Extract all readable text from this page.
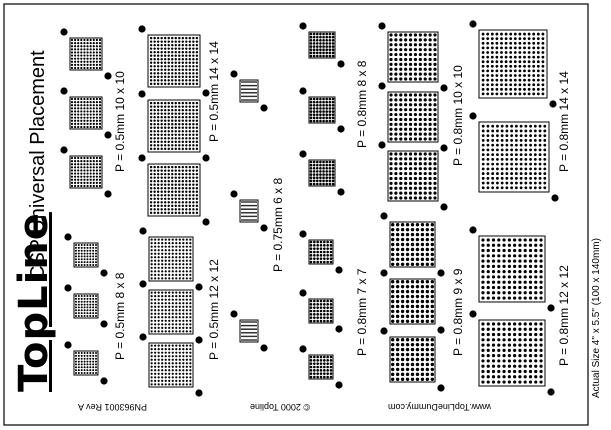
TopLine
CSP Universal Placement	P = 0.5mm 10 x 10
P = 0.5mm 8 x 8
P = 0.5mm 14 x 14
P = 0.5mm 12 x 12
P = 0.75mm 6 x 8
P = 0.8mm 8 x 8
P = 0.8mm 7 x 7
P = 0.8mm 10 x 10
P = 0.8mm 9 x 9
P = 0.8mm 14 x 14
P = 0.8mm 12 x 12 Actual Size 4" x 5.5" (100 x 140mm)
PN963001 Rev A	© 2000 Topline	www.TopLineDummy.com
